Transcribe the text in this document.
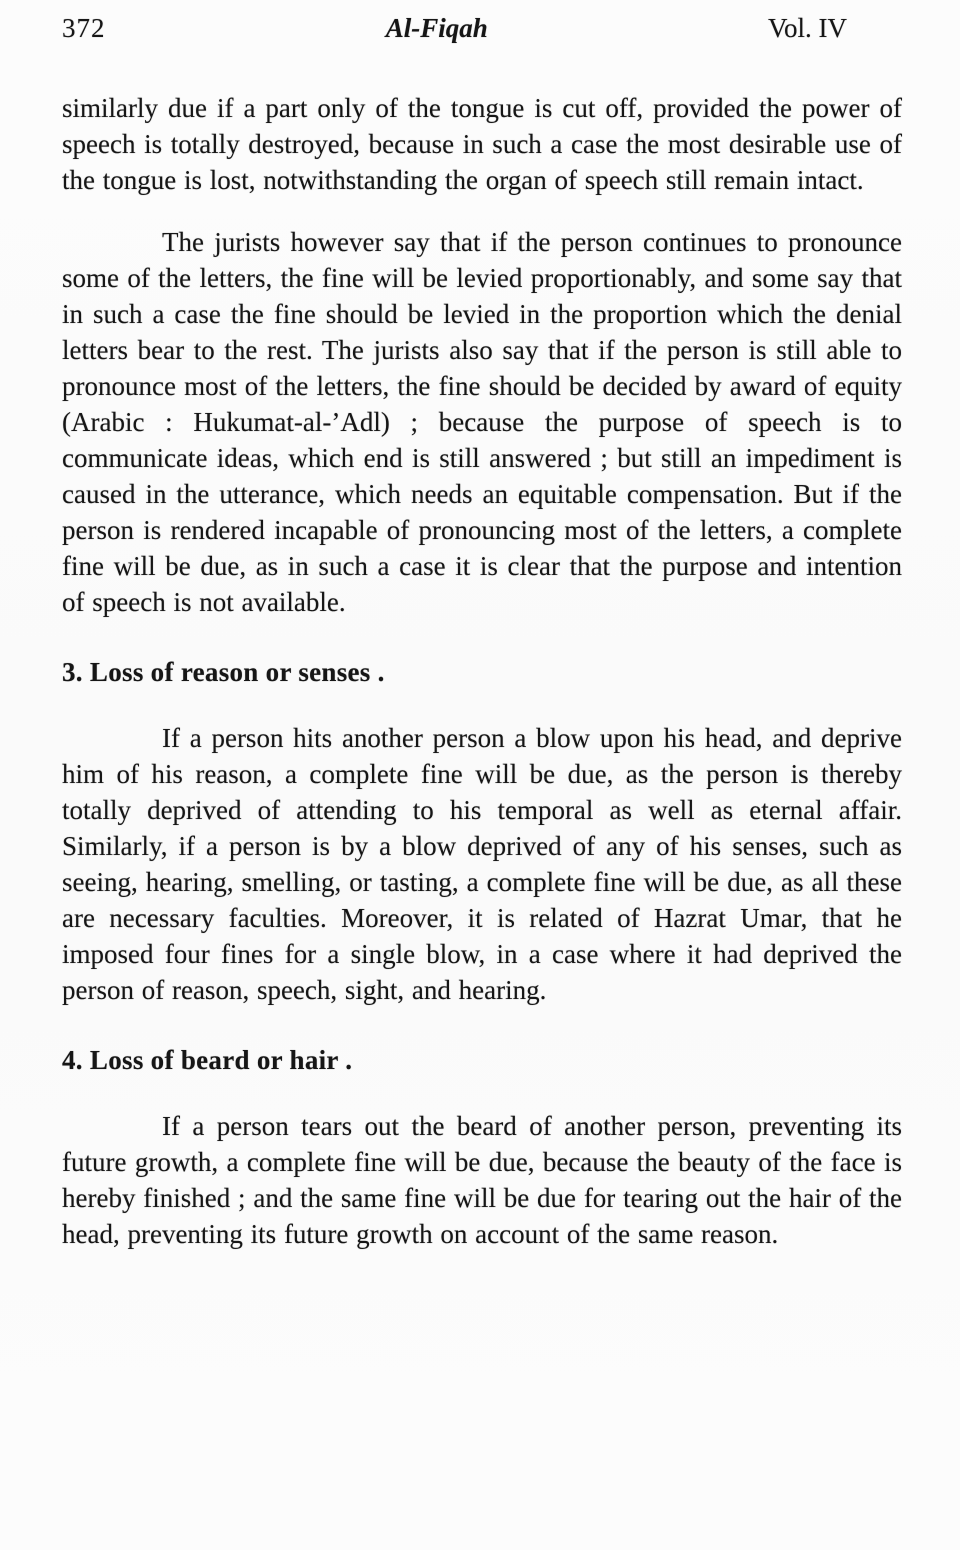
372	Al-Fiqah	Vol. IV

similarly due if a part only of the tongue is cut off, provided the power of speech is totally destroyed, because in such a case the most desirable use of the tongue is lost, notwithstanding the organ of speech still remain intact.

The jurists however say that if the person continues to pronounce some of the letters, the fine will be levied proportionably, and some say that in such a case the fine should be levied in the proportion which the denial letters bear to the rest. The jurists also say that if the person is still able to pronounce most of the letters, the fine should be decided by award of equity (Arabic : Hukumat-al-’Adl) ; because the purpose of speech is to communicate ideas, which end is still answered ; but still an impediment is caused in the utterance, which needs an equitable compensation. But if the person is rendered incapable of pronouncing most of the letters, a complete fine will be due, as in such a case it is clear that the purpose and intention of speech is not available.

3. Loss of reason or senses .

If a person hits another person a blow upon his head, and deprive him of his reason, a complete fine will be due, as the person is thereby totally deprived of attending to his temporal as well as eternal affair. Similarly, if a person is by a blow deprived of any of his senses, such as seeing, hearing, smelling, or tasting, a complete fine will be due, as all these are necessary faculties. Moreover, it is related of Hazrat Umar, that he imposed four fines for a single blow, in a case where it had deprived the person of reason, speech, sight, and hearing.

4. Loss of beard or hair .

If a person tears out the beard of another person, preventing its future growth, a complete fine will be due, because the beauty of the face is hereby finished ; and the same fine will be due for tearing out the hair of the head, preventing its future growth on account of the same reason.
